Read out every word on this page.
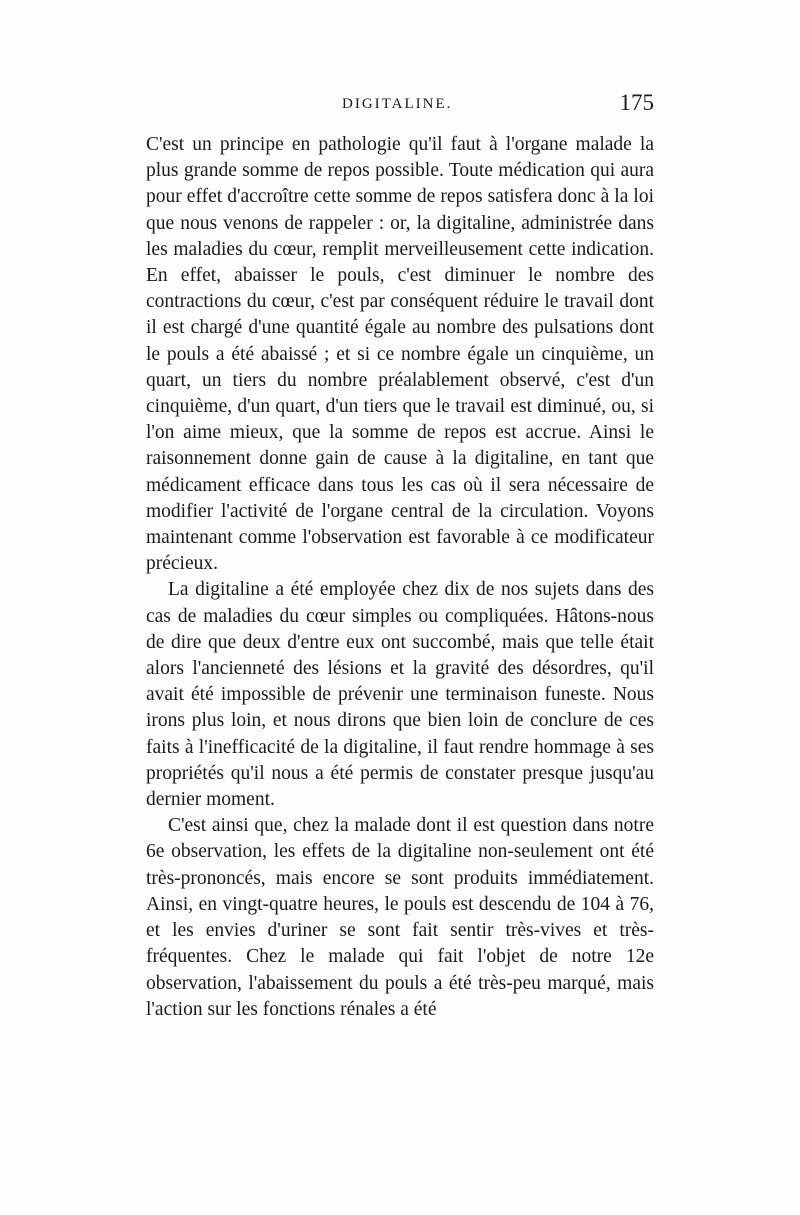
DIGITALINE.	175

C'est un principe en pathologie qu'il faut à l'organe malade la plus grande somme de repos possible. Toute médication qui aura pour effet d'accroître cette somme de repos satisfera donc à la loi que nous venons de rappeler : or, la digitaline, administrée dans les maladies du cœur, remplit merveilleusement cette indication. En effet, abaisser le pouls, c'est diminuer le nombre des contractions du cœur, c'est par conséquent réduire le travail dont il est chargé d'une quantité égale au nombre des pulsations dont le pouls a été abaissé ; et si ce nombre égale un cinquième, un quart, un tiers du nombre préalablement observé, c'est d'un cinquième, d'un quart, d'un tiers que le travail est diminué, ou, si l'on aime mieux, que la somme de repos est accrue. Ainsi le raisonnement donne gain de cause à la digitaline, en tant que médicament efficace dans tous les cas où il sera nécessaire de modifier l'activité de l'organe central de la circulation. Voyons maintenant comme l'observation est favorable à ce modificateur précieux.

La digitaline a été employée chez dix de nos sujets dans des cas de maladies du cœur simples ou compliquées. Hâtons-nous de dire que deux d'entre eux ont succombé, mais que telle était alors l'ancienneté des lésions et la gravité des désordres, qu'il avait été impossible de prévenir une terminaison funeste. Nous irons plus loin, et nous dirons que bien loin de conclure de ces faits à l'inefficacité de la digitaline, il faut rendre hommage à ses propriétés qu'il nous a été permis de constater presque jusqu'au dernier moment.

C'est ainsi que, chez la malade dont il est question dans notre 6e observation, les effets de la digitaline non-seulement ont été très-prononcés, mais encore se sont produits immédiatement. Ainsi, en vingt-quatre heures, le pouls est descendu de 104 à 76, et les envies d'uriner se sont fait sentir très-vives et très-fréquentes. Chez le malade qui fait l'objet de notre 12e observation, l'abaissement du pouls a été très-peu marqué, mais l'action sur les fonctions rénales a été
